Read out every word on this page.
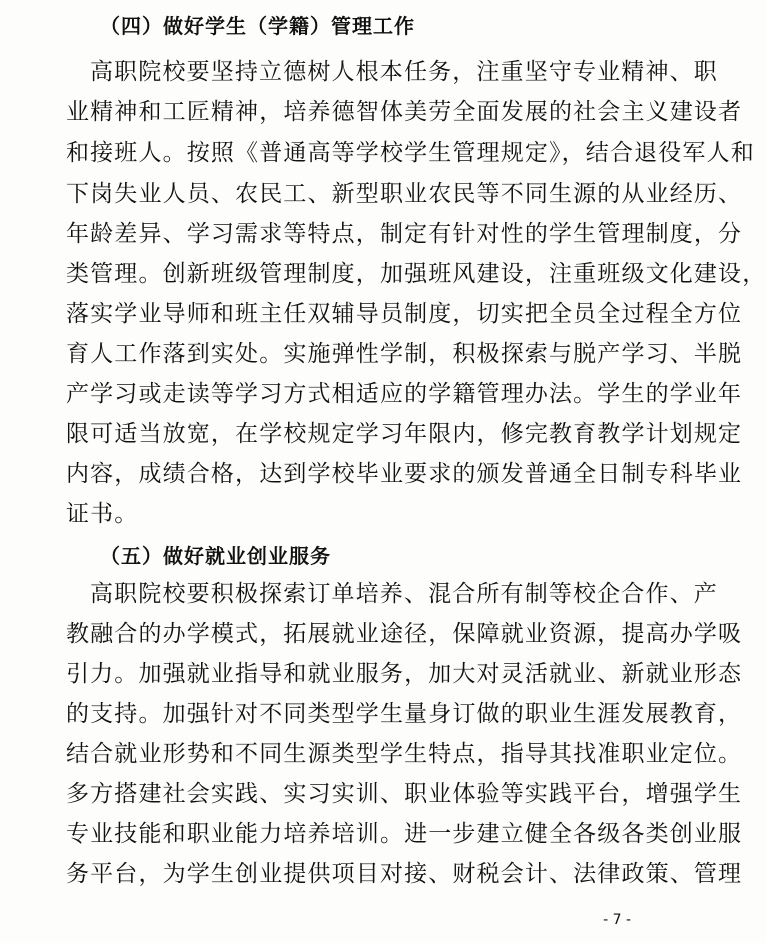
（四）做好学生（学籍）管理工作
高职院校要坚持立德树人根本任务，注重坚守专业精神、职
业精神和工匠精神，培养德智体美劳全面发展的社会主义建设者
和接班人。按照《普通高等学校学生管理规定》，结合退役军人和
下岗失业人员、农民工、新型职业农民等不同生源的从业经历、
年龄差异、学习需求等特点，制定有针对性的学生管理制度，分
类管理。创新班级管理制度，加强班风建设，注重班级文化建设，
落实学业导师和班主任双辅导员制度，切实把全员全过程全方位
育人工作落到实处。实施弹性学制，积极探索与脱产学习、半脱
产学习或走读等学习方式相适应的学籍管理办法。学生的学业年
限可适当放宽，在学校规定学习年限内，修完教育教学计划规定
内容，成绩合格，达到学校毕业要求的颁发普通全日制专科毕业
证书。
（五）做好就业创业服务
高职院校要积极探索订单培养、混合所有制等校企合作、产
教融合的办学模式，拓展就业途径，保障就业资源，提高办学吸
引力。加强就业指导和就业服务，加大对灵活就业、新就业形态
的支持。加强针对不同类型学生量身订做的职业生涯发展教育，
结合就业形势和不同生源类型学生特点，指导其找准职业定位。
多方搭建社会实践、实习实训、职业体验等实践平台，增强学生
专业技能和职业能力培养培训。进一步建立健全各级各类创业服
务平台，为学生创业提供项目对接、财税会计、法律政策、管理
- 7 -
